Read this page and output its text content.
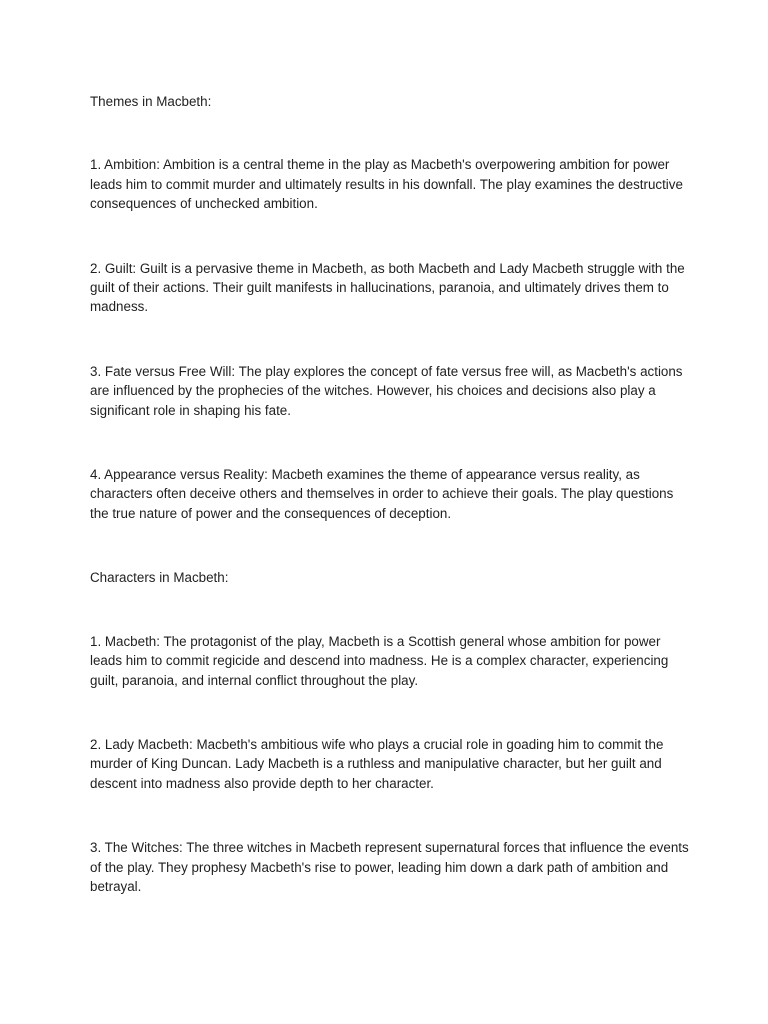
Themes in Macbeth:

1. Ambition: Ambition is a central theme in the play as Macbeth's overpowering ambition for power leads him to commit murder and ultimately results in his downfall. The play examines the destructive consequences of unchecked ambition.

2. Guilt: Guilt is a pervasive theme in Macbeth, as both Macbeth and Lady Macbeth struggle with the guilt of their actions. Their guilt manifests in hallucinations, paranoia, and ultimately drives them to madness.

3. Fate versus Free Will: The play explores the concept of fate versus free will, as Macbeth's actions are influenced by the prophecies of the witches. However, his choices and decisions also play a significant role in shaping his fate.

4. Appearance versus Reality: Macbeth examines the theme of appearance versus reality, as characters often deceive others and themselves in order to achieve their goals. The play questions the true nature of power and the consequences of deception.

Characters in Macbeth:

1. Macbeth: The protagonist of the play, Macbeth is a Scottish general whose ambition for power leads him to commit regicide and descend into madness. He is a complex character, experiencing guilt, paranoia, and internal conflict throughout the play.

2. Lady Macbeth: Macbeth's ambitious wife who plays a crucial role in goading him to commit the murder of King Duncan. Lady Macbeth is a ruthless and manipulative character, but her guilt and descent into madness also provide depth to her character.

3. The Witches: The three witches in Macbeth represent supernatural forces that influence the events of the play. They prophesy Macbeth's rise to power, leading him down a dark path of ambition and betrayal.
